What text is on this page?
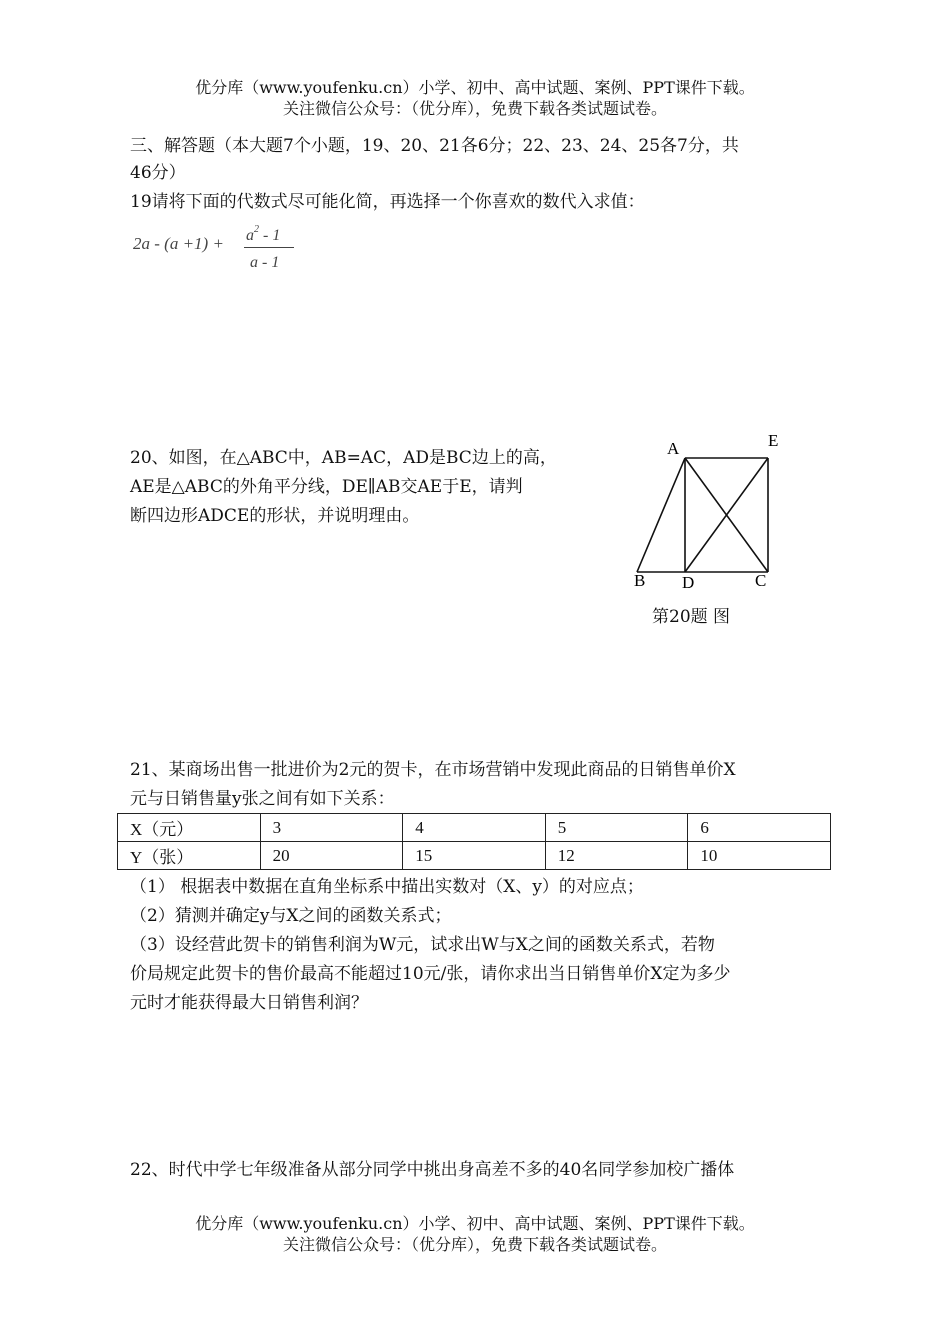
优分库（www.youfenku.cn）小学、初中、高中试题、案例、PPT课件下载。
关注微信公众号：（优分库），免费下载各类试题试卷。
三、解答题（本大题7个小题，19、20、21各6分；22、23、24、25各7分，共
46分）
19请将下面的代数式尽可能化简，再选择一个你喜欢的数代入求值：
$2a - (a +1) + a^2 - 1$
a - 1
20、如图，在△ABC中，AB=AC，AD是BC边上的高，
AE是△ABC的外角平分线，DE∥AB交AE于E，请判
断四边形ADCE的形状，并说明理由。
A	E
B D	C
第20题 图
21、某商场出售一批进价为2元的贺卡，在市场营销中发现此商品的日销售单价X
元与日销售量y张之间有如下关系：
X（元）	3	4	5	6
Y（张）	20	15	12	10
（1） 根据表中数据在直角坐标系中描出实数对（X、y）的对应点；
（2）猜测并确定y与X之间的函数关系式；
（3）设经营此贺卡的销售利润为W元，试求出W与X之间的函数关系式，若物
价局规定此贺卡的售价最高不能超过10元/张，请你求出当日销售单价X定为多少
元时才能获得最大日销售利润？
22、时代中学七年级准备从部分同学中挑出身高差不多的40名同学参加校广播体
优分库（www.youfenku.cn）小学、初中、高中试题、案例、PPT课件下载。
关注微信公众号：（优分库），免费下载各类试题试卷。
